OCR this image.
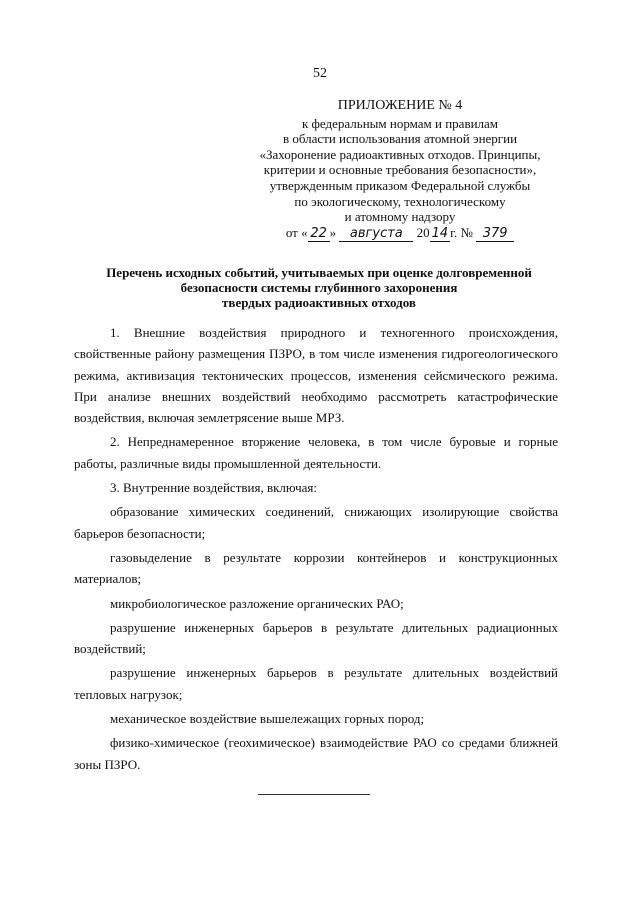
52
ПРИЛОЖЕНИЕ № 4
к федеральным нормам и правилам
в области использования атомной энергии
«Захоронение радиоактивных отходов. Принципы,
критерии и основные требования безопасности»,
утвержденным приказом Федеральной службы
по экологическому, технологическому
и атомному надзору
от « 22 » августа 20 14 г. № 379
Перечень исходных событий, учитываемых при оценке долговременной
безопасности системы глубинного захоронения
твердых радиоактивных отходов

1. Внешние воздействия природного и техногенного происхождения, свойственные району размещения ПЗРО, в том числе изменения гидрогеологического режима, активизация тектонических процессов, изменения сейсмического режима. При анализе внешних воздействий необходимо рассмотреть катастрофические воздействия, включая землетрясение выше МРЗ.

2. Непреднамеренное вторжение человека, в том числе буровые и горные работы, различные виды промышленной деятельности.

3. Внутренние воздействия, включая:

образование химических соединений, снижающих изолирующие свойства барьеров безопасности;

газовыделение в результате коррозии контейнеров и конструкционных материалов;

микробиологическое разложение органических РАО;

разрушение инженерных барьеров в результате длительных радиационных воздействий;

разрушение инженерных барьеров в результате длительных воздействий тепловых нагрузок;

механическое воздействие вышележащих горных пород;

физико-химическое (геохимическое) взаимодействие РАО со средами ближней зоны ПЗРО.
